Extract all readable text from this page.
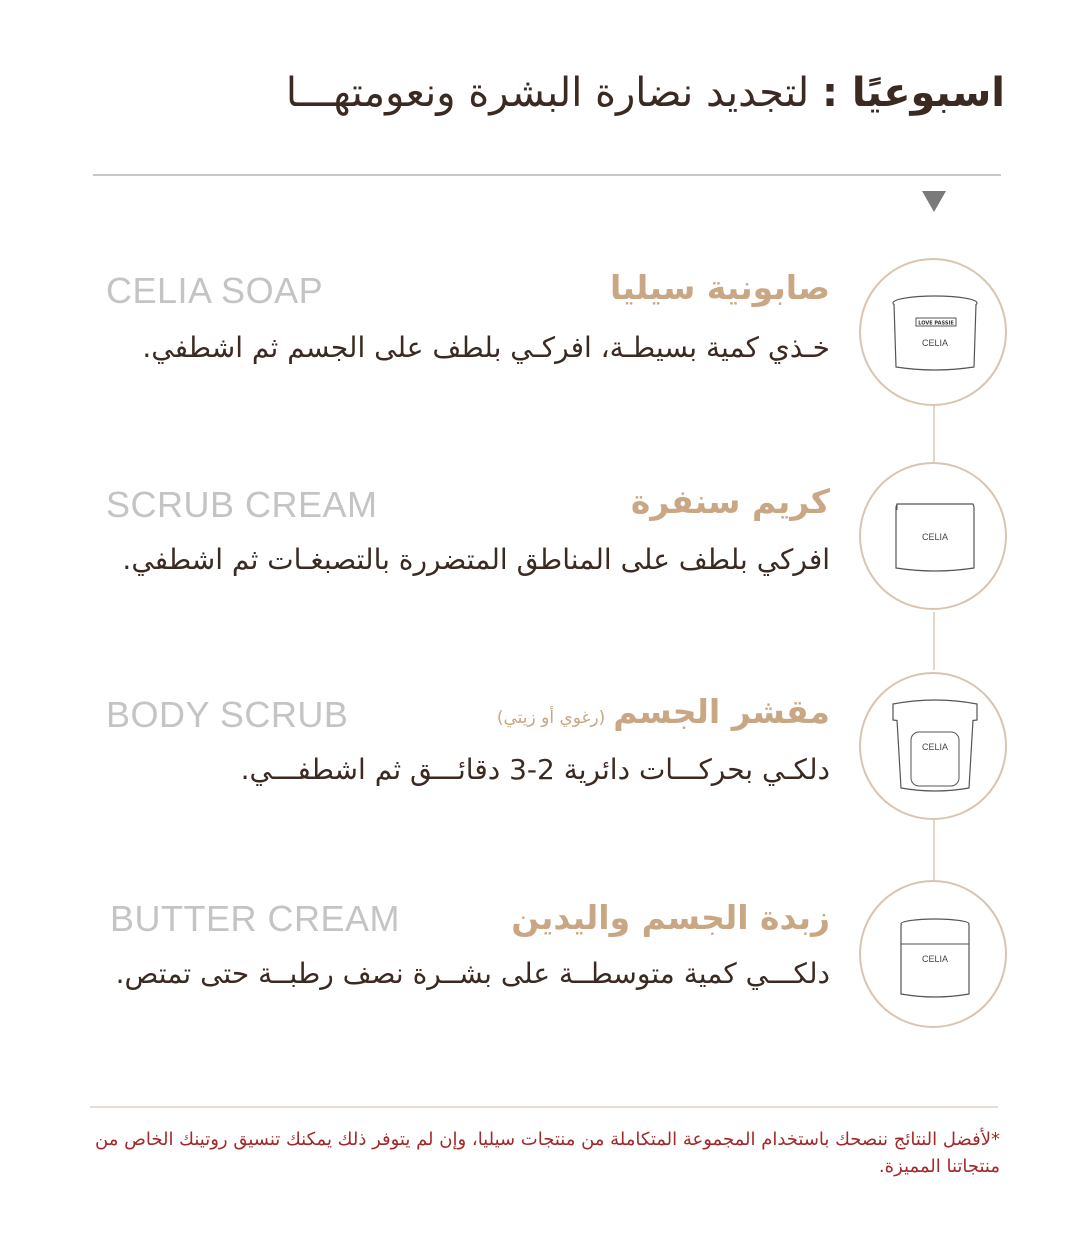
اسبوعيًا : لتجديد نضارة البشرة ونعومتهـــا
LOVE PASSIE
CELIA
CELIA SOAP	صابونية سيليا
خـذي كمية بسيطـة، افركـي بلطف على الجسم ثم اشطفي.
CELIA
SCRUB CREAM	كريم سنفرة
افركي بلطف على المناطق المتضررة بالتصبغـات ثم اشطفي.
CELIA
BODY SCRUB	مقشر الجسم(رغوي أو زيتي)
دلكـي بحركـــات دائرية 2-3 دقائـــق ثم اشطفـــي.
CELIA
BUTTER CREAM	زبدة الجسم واليدين
دلكـــي كمية متوسطــة على بشــرة نصف رطبــة حتى تمتص.
*لأفضل النتائج ننصحك باستخدام المجموعة المتكاملة من منتجات سيليا، وإن لم يتوفر ذلك يمكنك تنسيق روتينك الخاص من منتجاتنا المميزة.
